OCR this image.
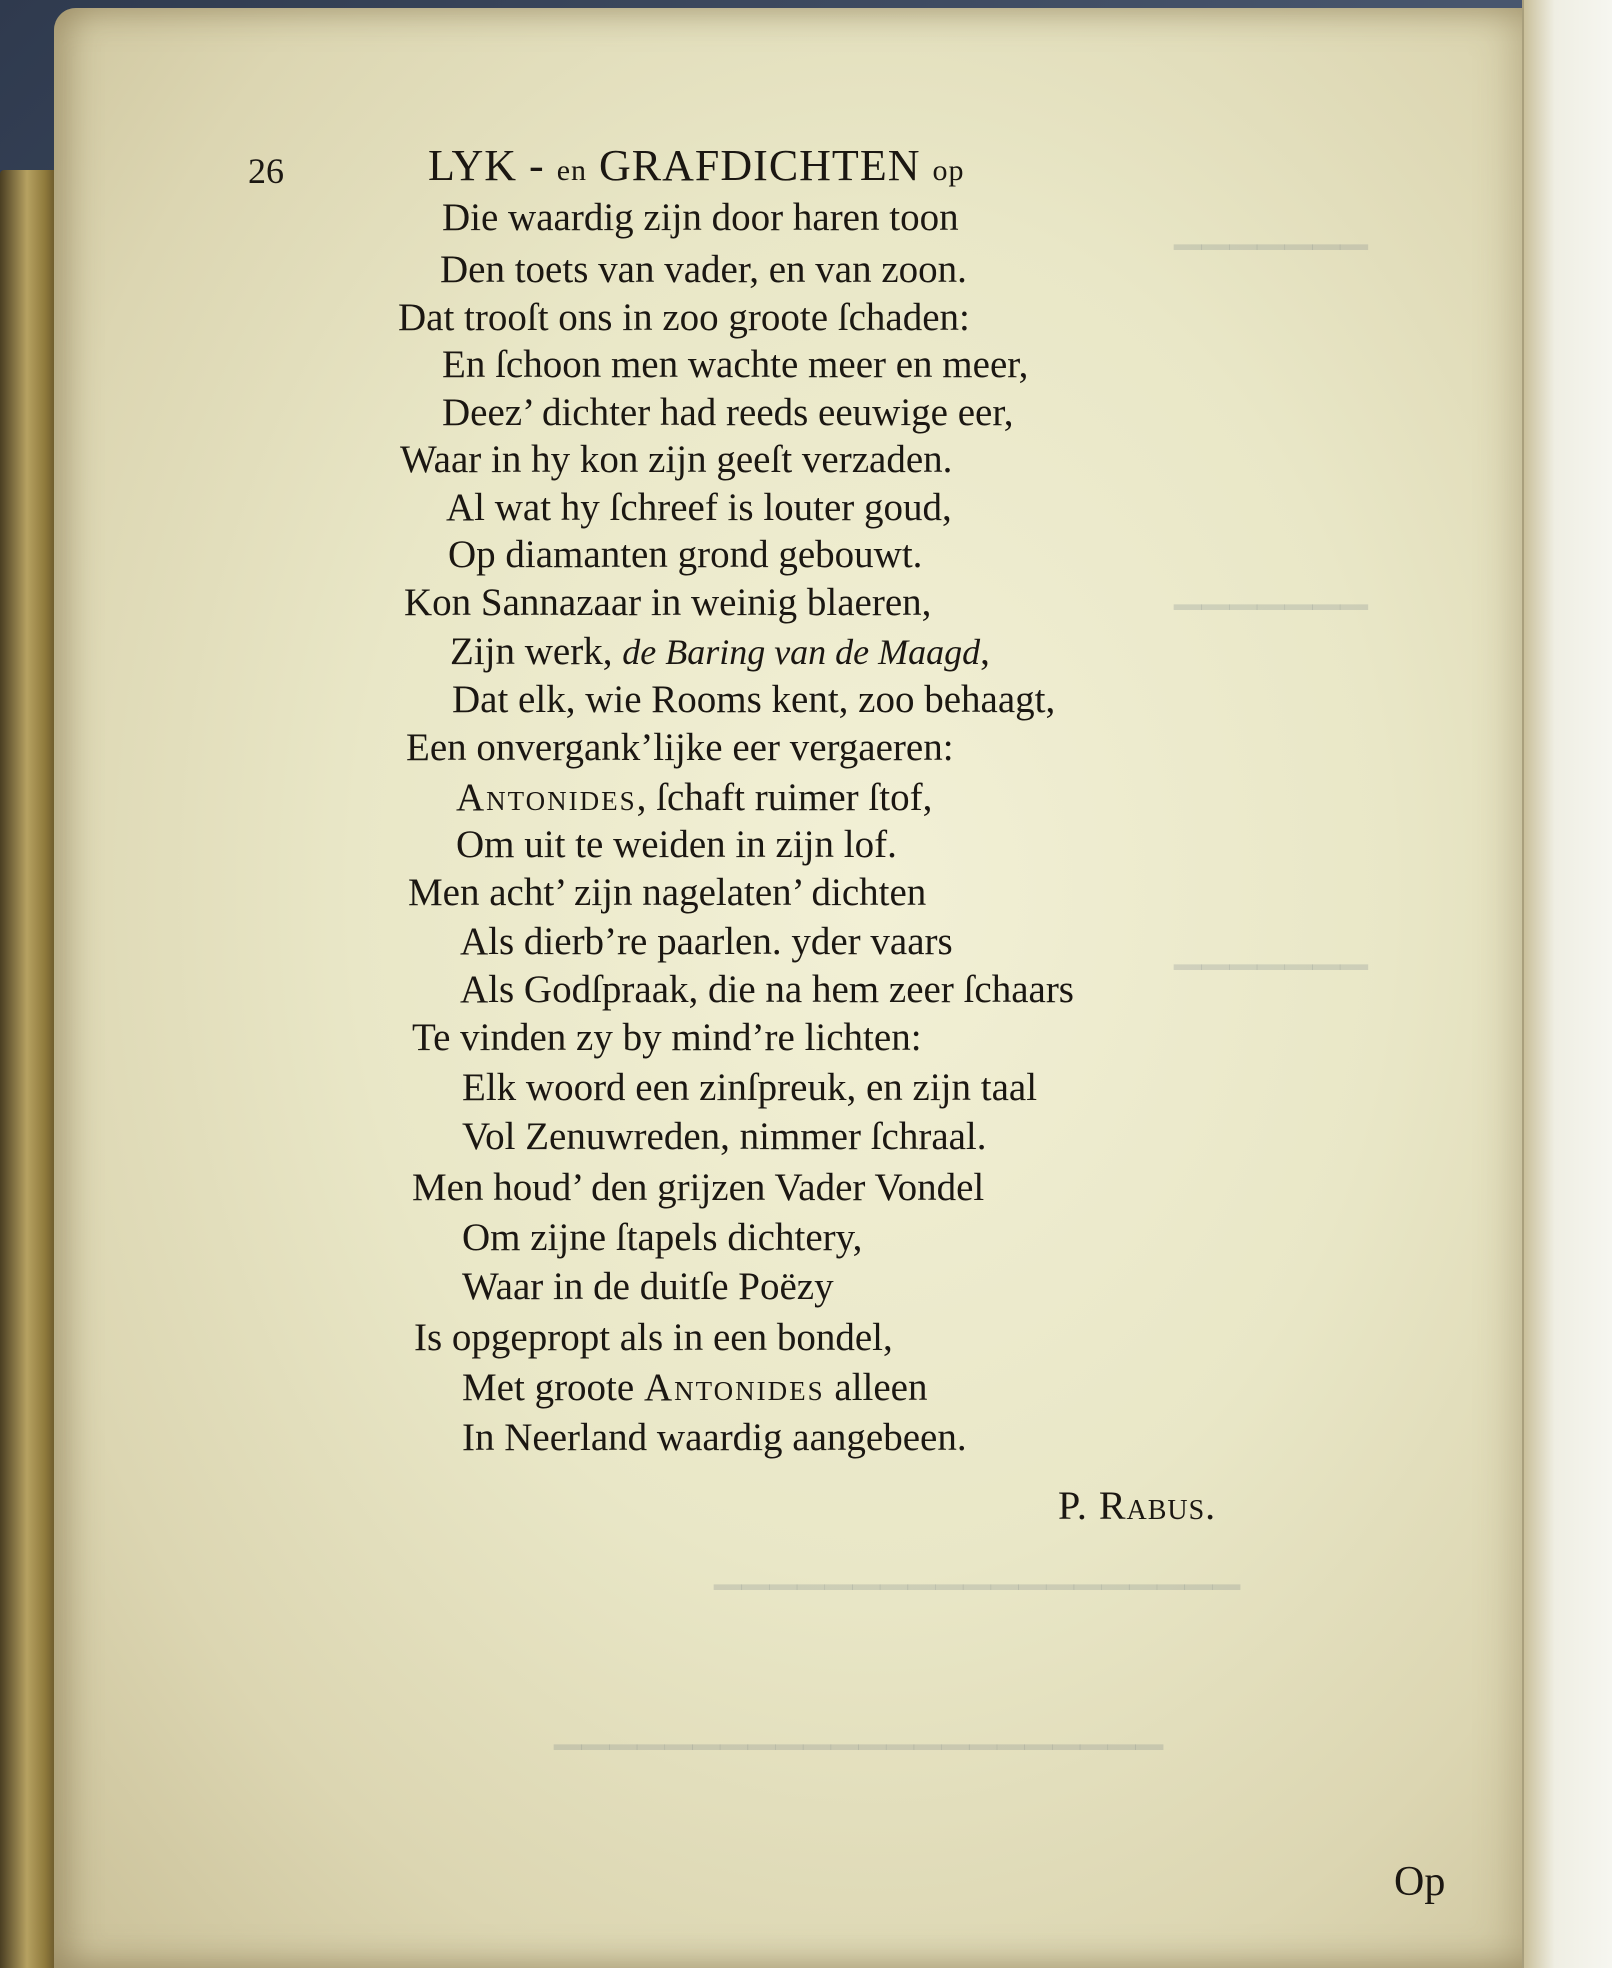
▁▁▁▁▁▁▁
▁▁▁▁▁▁▁
▁▁▁▁▁▁▁
▁▁▁▁▁▁▁▁▁▁▁▁▁▁▁▁▁▁▁
▁▁▁▁▁▁▁▁▁▁▁▁▁▁▁▁▁▁▁▁▁▁
26	LYK - en GRAFDICHTEN op
Die waardig zijn door haren toon
Den toets van vader, en van zoon.
Dat trooſt ons in zoo groote ſchaden:
En ſchoon men wachte meer en meer,
Deez’ dichter had reeds eeuwige eer,
Waar in hy kon zijn geeſt verzaden.
Al wat hy ſchreef is louter goud,
Op diamanten grond gebouwt.
Kon Sannazaar in weinig blaeren,
Zijn werk, de Baring van de Maagd,
Dat elk, wie Rooms kent, zoo behaagt,
Een onvergank’lijke eer vergaeren:
Antonides, ſchaft ruimer ſtof,
Om uit te weiden in zijn lof.
Men acht’ zijn nagelaten’ dichten
Als dierb’re paarlen. yder vaars
Als Godſpraak, die na hem zeer ſchaars
Te vinden zy by mind’re lichten:
Elk woord een zinſpreuk, en zijn taal
Vol Zenuwreden, nimmer ſchraal.
Men houd’ den grijzen Vader Vondel
Om zijne ſtapels dichtery,
Waar in de duitſe Poëzy
Is opgepropt als in een bondel,
Met groote Antonides alleen
In Neerland waardig aangebeen.
P. Rabus.
Op
